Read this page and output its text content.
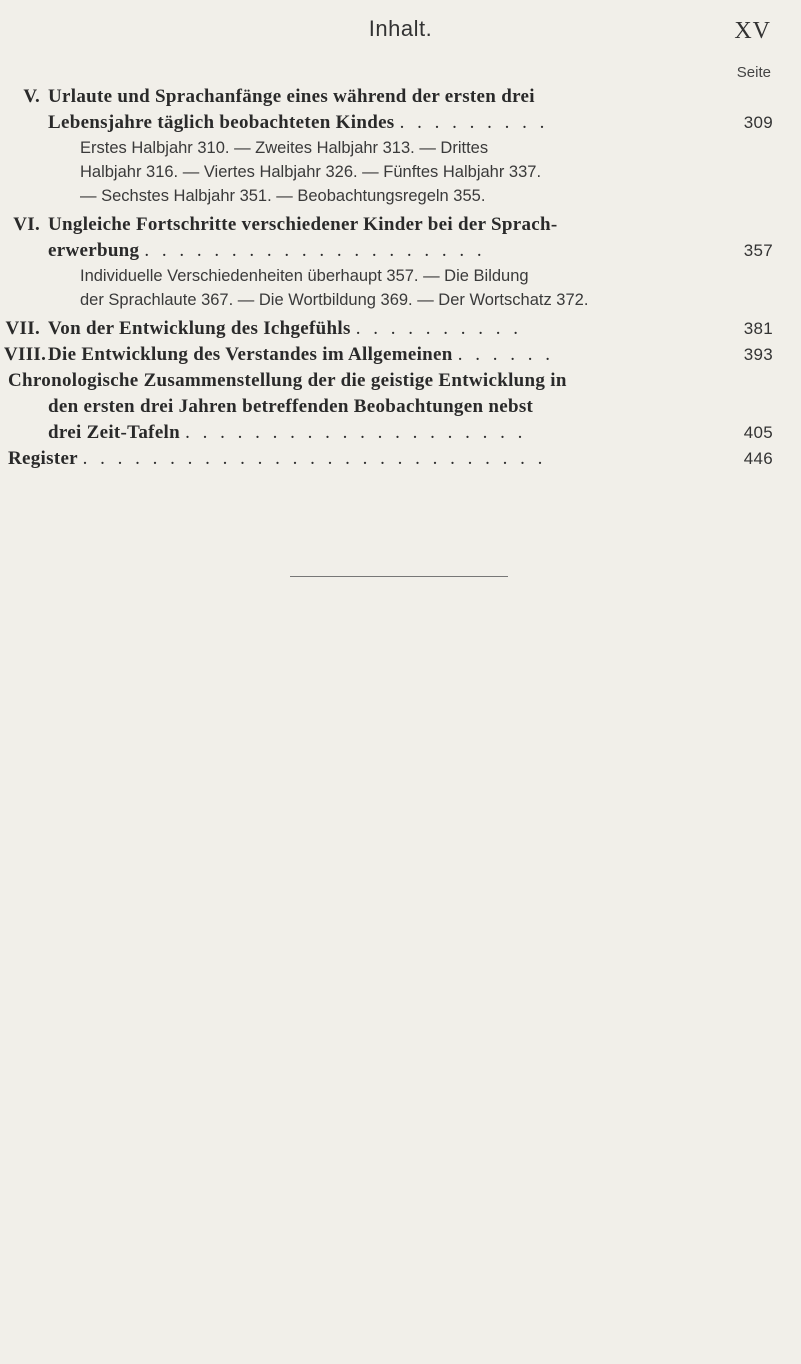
Inhalt.	XV
Seite
V. Urlaute und Sprachanfänge eines während der ersten drei
Lebensjahre täglich beobachteten Kindes . . . . . . . . .	309
Erstes Halbjahr 310. — Zweites Halbjahr 313. — Drittes
Halbjahr 316. — Viertes Halbjahr 326. — Fünftes Halbjahr 337.
— Sechstes Halbjahr 351. — Beobachtungsregeln 355.
VI. Ungleiche Fortschritte verschiedener Kinder bei der Sprach-
erwerbung . . . . . . . . . . . . . . . . . . . .	357
Individuelle Verschiedenheiten überhaupt 357. — Die Bildung
der Sprachlaute 367. — Die Wortbildung 369. — Der Wortschatz 372.
VII. Von der Entwicklung des Ichgefühls . . . . . . . . . .	381
VIII.Die Entwicklung des Verstandes im Allgemeinen . . . . . .	393
Chronologische Zusammenstellung der die geistige Entwicklung in
den ersten drei Jahren betreffenden Beobachtungen nebst
drei Zeit-Tafeln . . . . . . . . . . . . . . . . . . . .	405
Register . . . . . . . . . . . . . . . . . . . . . . . . . . .	446
